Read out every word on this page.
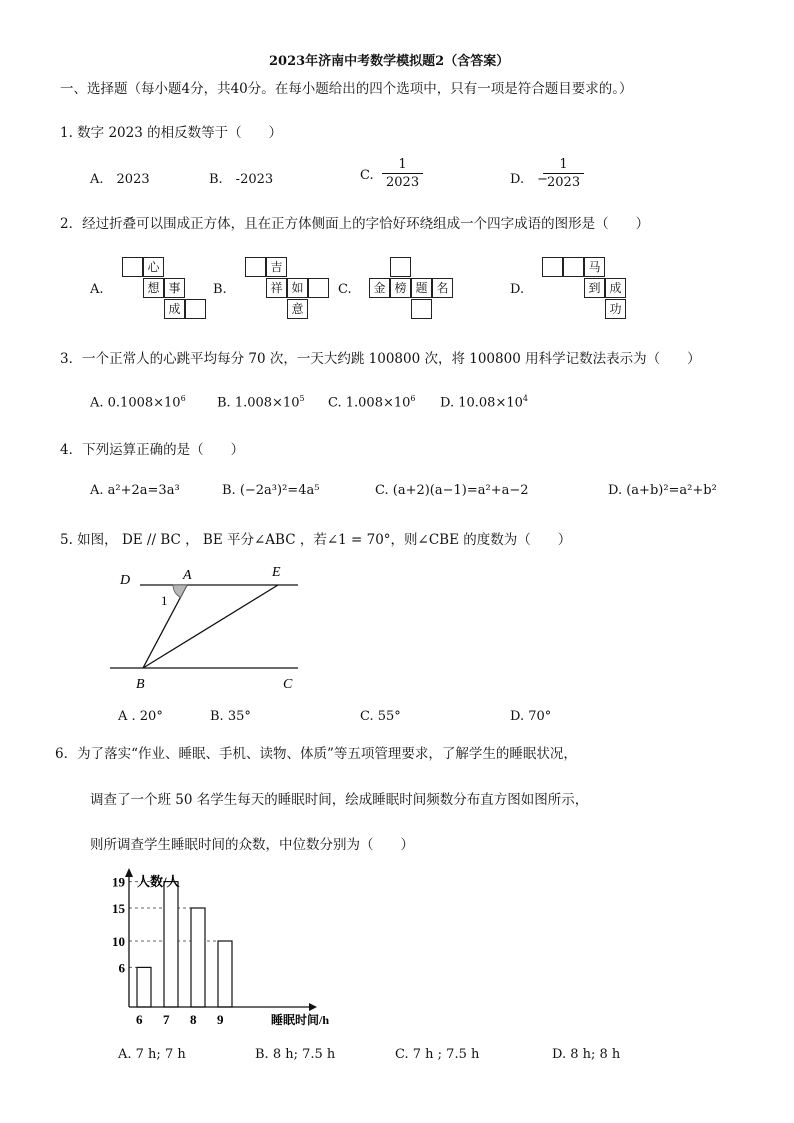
2023年济南中考数学模拟题2（含答案）
一、选择题（每小题4分，共40分。在每小题给出的四个选项中，只有一项是符合题目要求的。）
1. 数字 2023 的相反数等于（　　）
A.　2023	B.　-2023	C.
1
2023	D.　−
1
2023
2．经过折叠可以围成正方体，且在正方体侧面上的字恰好环绕组成一个四字成语的图形是（　　）
A.
心
想 事
成
B.
吉
祥 如
意
C.	金 榜 题 名	D.
马
到 成
功
3．一个正常人的心跳平均每分 70 次，一天大约跳 100800 次，将 100800 用科学记数法表示为（　　）
A. $0.1008\times 10^6$ B. $1.008\times 10^5$ C. $1.008\times 10^6$ D. $10.08\times 10^4$
4．下列运算正确的是（　　）
A. a²+2a=3a³	B. (−2a³)²=4a⁵	C. (a+2)(a−1)=a²+a−2	D. (a+b)²=a²+b²
5. 如图， DE // BC ， BE 平分∠ABC ，若∠1 = 70°，则∠CBE 的度数为（　　）
D	A	E
1
B	C
A . 20°	B. 35°	C. 55°	D. 70°
6．为了落实“作业、睡眠、手机、读物、体质”等五项管理要求，了解学生的睡眠状况，
调查了一个班 50 名学生每天的睡眠时间，绘成睡眠时间频数分布直方图如图所示，
则所调查学生睡眠时间的众数，中位数分别为（　　）
6
10
15
19
6 7 8 9
人数/人
睡眠时间/h
A. 7 h; 7 h	B. 8 h; 7.5 h	C. 7 h ; 7.5 h	D. 8 h; 8 h
